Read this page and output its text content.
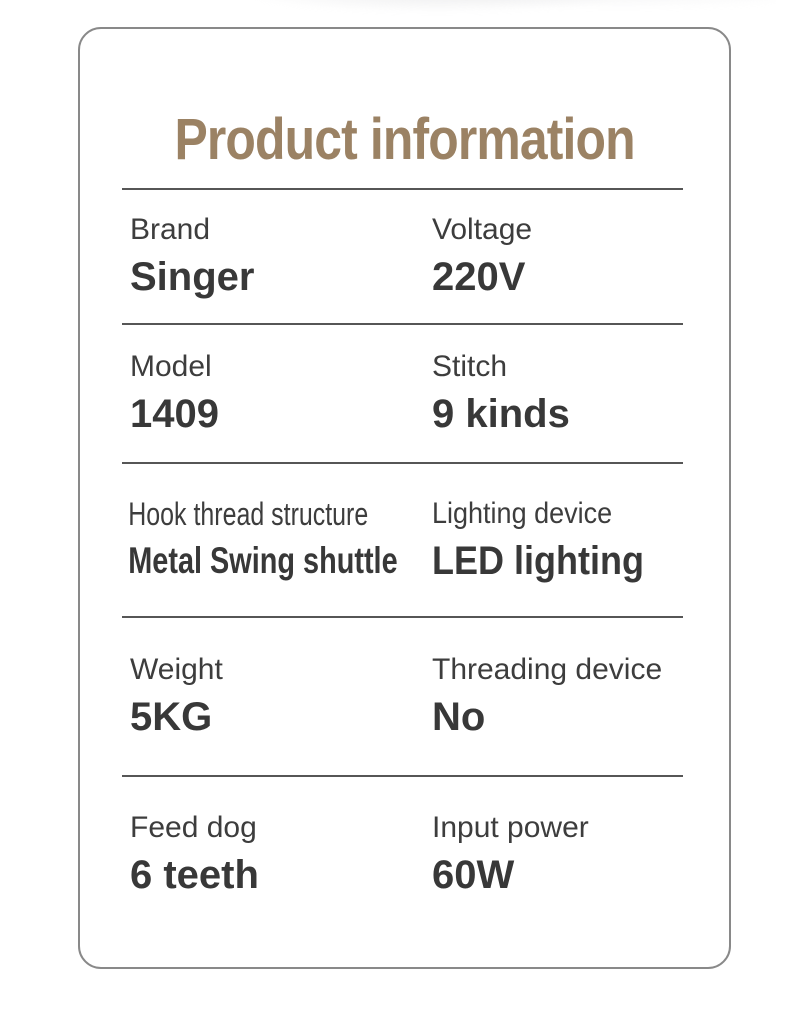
Product information
Brand
Singer
Voltage
220V
Model
1409
Stitch
9 kinds
Hook thread structure
Metal Swing shuttle
Lighting device
LED lighting
Weight
5KG
Threading device
No
Feed dog
6 teeth
Input power
60W
